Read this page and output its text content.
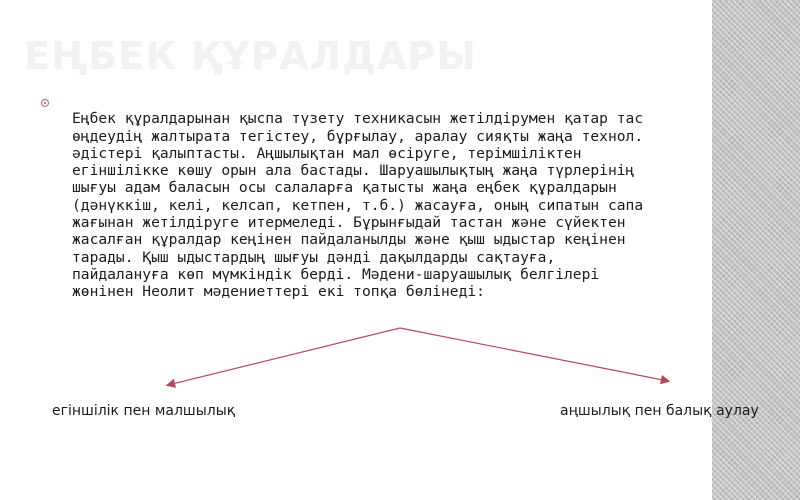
ЕҢБЕК ҚҰРАЛДАРЫ

Еңбек құралдарынан қыспа түзету техникасын жетілдірумен қатар тас
өңдеудің жалтырата тегістеу, бұрғылау, аралау сияқты жаңа технол.
әдістері қалыптасты. Аңшылықтан мал өсіруге, терімшіліктен
егіншілікке көшу орын ала бастады. Шаруашылықтың жаңа түрлерінің
шығуы адам баласын осы салаларға қатысты жаңа еңбек құралдарын
(дәнүккіш, келі, келсап, кетпен, т.б.) жасауға, оның сипатын сапа
жағынан жетілдіруге итермеледі. Бұрынғыдай тастан және сүйектен
жасалған құралдар кеңінен пайдаланылды және қыш ыдыстар кеңінен
тарады. Қыш ыдыстардың шығуы дәнді дақылдарды сақтауға,
пайдалануға көп мүмкіндік берді. Мәдени-шаруашылық белгілері
жөнінен Неолит мәдениеттері екі топқа бөлінеді:

егіншілік пен малшылық	аңшылық пен балық аулау
